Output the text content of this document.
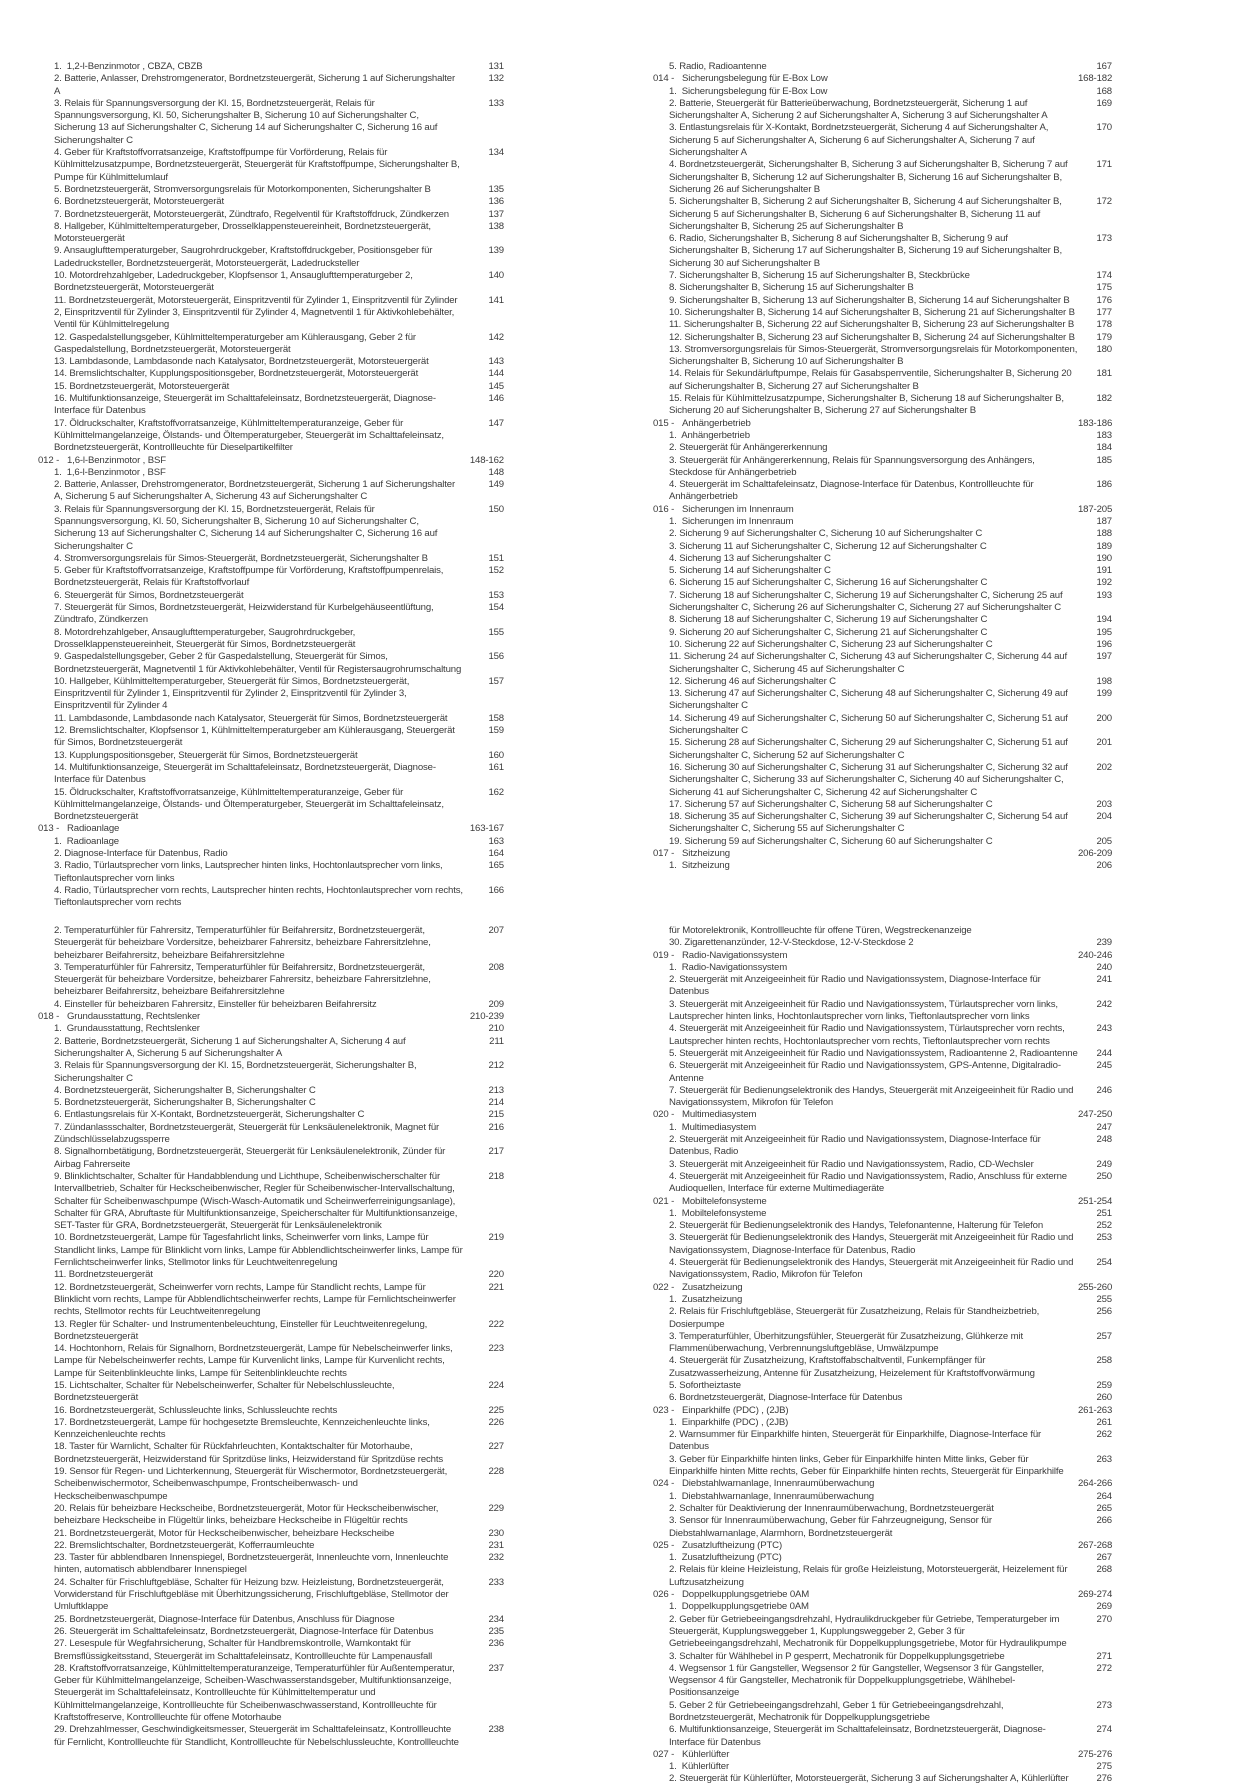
1.  1,2-l-Benzinmotor , CBZA, CBZB	131
2. Batterie, Anlasser, Drehstromgenerator, Bordnetzsteuergerät, Sicherung 1 auf Sicherungshalter A
132
3. Relais für Spannungsversorgung der Kl. 15, Bordnetzsteuergerät, Relais für Spannungsversorgung, Kl. 50, Sicherungshalter B, Sicherung 10 auf Sicherungshalter C, Sicherung 13 auf Sicherungshalter C, Sicherung 14 auf Sicherungshalter C, Sicherung 16 auf Sicherungshalter C
133
4. Geber für Kraftstoffvorratsanzeige, Kraftstoffpumpe für Vorförderung, Relais für Kühlmittelzusatzpumpe, Bordnetzsteuergerät, Steuergerät für Kraftstoffpumpe, Sicherungshalter B, Pumpe für Kühlmittelumlauf
134
5. Bordnetzsteuergerät, Stromversorgungsrelais für Motorkomponenten, Sicherungshalter B	135
6. Bordnetzsteuergerät, Motorsteuergerät	136
7. Bordnetzsteuergerät, Motorsteuergerät, Zündtrafo, Regelventil für Kraftstoffdruck, Zündkerzen	137
8. Hallgeber, Kühlmitteltemperaturgeber, Drosselklappensteuereinheit, Bordnetzsteuergerät, Motorsteuergerät
138
9. Ansauglufttemperaturgeber, Saugrohrdruckgeber, Kraftstoffdruckgeber, Positionsgeber für Ladedrucksteller, Bordnetzsteuergerät, Motorsteuergerät, Ladedrucksteller
139
10. Motordrehzahlgeber, Ladedruckgeber, Klopfsensor 1, Ansauglufttemperaturgeber 2, Bordnetzsteuergerät, Motorsteuergerät
140
11. Bordnetzsteuergerät, Motorsteuergerät, Einspritzventil für Zylinder 1, Einspritzventil für Zylinder 2, Einspritzventil für Zylinder 3, Einspritzventil für Zylinder 4, Magnetventil 1 für Aktivkohlebehälter, Ventil für Kühlmittelregelung
141
12. Gaspedalstellungsgeber, Kühlmitteltemperaturgeber am Kühlerausgang, Geber 2 für Gaspedalstellung, Bordnetzsteuergerät, Motorsteuergerät
142
13. Lambdasonde, Lambdasonde nach Katalysator, Bordnetzsteuergerät, Motorsteuergerät	143
14. Bremslichtschalter, Kupplungspositionsgeber, Bordnetzsteuergerät, Motorsteuergerät	144
15. Bordnetzsteuergerät, Motorsteuergerät	145
16. Multifunktionsanzeige, Steuergerät im Schalttafeleinsatz, Bordnetzsteuergerät, Diagnose-Interface für Datenbus
146
17. Öldruckschalter, Kraftstoffvorratsanzeige, Kühlmitteltemperaturanzeige, Geber für Kühlmittelmangelanzeige, Ölstands- und Öltemperaturgeber, Steuergerät im Schalttafeleinsatz, Bordnetzsteuergerät, Kontrollleuchte für Dieselpartikelfilter
147
012 - 1,6-l-Benzinmotor , BSF	148-162
1.  1,6-l-Benzinmotor , BSF	148
2. Batterie, Anlasser, Drehstromgenerator, Bordnetzsteuergerät, Sicherung 1 auf Sicherungshalter A, Sicherung 5 auf Sicherungshalter A, Sicherung 43 auf Sicherungshalter C
149
3. Relais für Spannungsversorgung der Kl. 15, Bordnetzsteuergerät, Relais für Spannungsversorgung, Kl. 50, Sicherungshalter B, Sicherung 10 auf Sicherungshalter C, Sicherung 13 auf Sicherungshalter C, Sicherung 14 auf Sicherungshalter C, Sicherung 16 auf Sicherungshalter C
150
4. Stromversorgungsrelais für Simos-Steuergerät, Bordnetzsteuergerät, Sicherungshalter B	151
5. Geber für Kraftstoffvorratsanzeige, Kraftstoffpumpe für Vorförderung, Kraftstoffpumpenrelais, Bordnetzsteuergerät, Relais für Kraftstoffvorlauf
152
6. Steuergerät für Simos, Bordnetzsteuergerät	153
7. Steuergerät für Simos, Bordnetzsteuergerät, Heizwiderstand für Kurbelgehäuseentlüftung, Zündtrafo, Zündkerzen
154
8. Motordrehzahlgeber, Ansauglufttemperaturgeber, Saugrohrdruckgeber, Drosselklappensteuereinheit, Steuergerät für Simos, Bordnetzsteuergerät
155
9. Gaspedalstellungsgeber, Geber 2 für Gaspedalstellung, Steuergerät für Simos, Bordnetzsteuergerät, Magnetventil 1 für Aktivkohlebehälter, Ventil für Registersaugrohrumschaltung
156
10. Hallgeber, Kühlmitteltemperaturgeber, Steuergerät für Simos, Bordnetzsteuergerät, Einspritzventil für Zylinder 1, Einspritzventil für Zylinder 2, Einspritzventil für Zylinder 3, Einspritzventil für Zylinder 4
157
11. Lambdasonde, Lambdasonde nach Katalysator, Steuergerät für Simos, Bordnetzsteuergerät	158
12. Bremslichtschalter, Klopfsensor 1, Kühlmitteltemperaturgeber am Kühlerausgang, Steuergerät für Simos, Bordnetzsteuergerät
159
13. Kupplungspositionsgeber, Steuergerät für Simos, Bordnetzsteuergerät	160
14. Multifunktionsanzeige, Steuergerät im Schalttafeleinsatz, Bordnetzsteuergerät, Diagnose-Interface für Datenbus
161
15. Öldruckschalter, Kraftstoffvorratsanzeige, Kühlmitteltemperaturanzeige, Geber für Kühlmittelmangelanzeige, Ölstands- und Öltemperaturgeber, Steuergerät im Schalttafeleinsatz, Bordnetzsteuergerät
162
013 - Radioanlage	163-167
1.  Radioanlage	163
2. Diagnose-Interface für Datenbus, Radio	164
3. Radio, Türlautsprecher vorn links, Lautsprecher hinten links, Hochtonlautsprecher vorn links, Tieftonlautsprecher vorn links
165
4. Radio, Türlautsprecher vorn rechts, Lautsprecher hinten rechts, Hochtonlautsprecher vorn rechts, Tieftonlautsprecher vorn rechts
166
5. Radio, Radioantenne	167
014 - Sicherungsbelegung für E-Box Low	168-182
1.  Sicherungsbelegung für E-Box Low	168
2. Batterie, Steuergerät für Batterieüberwachung, Bordnetzsteuergerät, Sicherung 1 auf Sicherungshalter A, Sicherung 2 auf Sicherungshalter A, Sicherung 3 auf Sicherungshalter A
169
3. Entlastungsrelais für X-Kontakt, Bordnetzsteuergerät, Sicherung 4 auf Sicherungshalter A, Sicherung 5 auf Sicherungshalter A, Sicherung 6 auf Sicherungshalter A, Sicherung 7 auf Sicherungshalter A
170
4. Bordnetzsteuergerät, Sicherungshalter B, Sicherung 3 auf Sicherungshalter B, Sicherung 7 auf Sicherungshalter B, Sicherung 12 auf Sicherungshalter B, Sicherung 16 auf Sicherungshalter B, Sicherung 26 auf Sicherungshalter B
171
5. Sicherungshalter B, Sicherung 2 auf Sicherungshalter B, Sicherung 4 auf Sicherungshalter B, Sicherung 5 auf Sicherungshalter B, Sicherung 6 auf Sicherungshalter B, Sicherung 11 auf Sicherungshalter B, Sicherung 25 auf Sicherungshalter B
172
6. Radio, Sicherungshalter B, Sicherung 8 auf Sicherungshalter B, Sicherung 9 auf Sicherungshalter B, Sicherung 17 auf Sicherungshalter B, Sicherung 19 auf Sicherungshalter B, Sicherung 30 auf Sicherungshalter B
173
7. Sicherungshalter B, Sicherung 15 auf Sicherungshalter B, Steckbrücke	174
8. Sicherungshalter B, Sicherung 15 auf Sicherungshalter B	175
9. Sicherungshalter B, Sicherung 13 auf Sicherungshalter B, Sicherung 14 auf Sicherungshalter B	176
10. Sicherungshalter B, Sicherung 14 auf Sicherungshalter B, Sicherung 21 auf Sicherungshalter B	177
11. Sicherungshalter B, Sicherung 22 auf Sicherungshalter B, Sicherung 23 auf Sicherungshalter B	178
12. Sicherungshalter B, Sicherung 23 auf Sicherungshalter B, Sicherung 24 auf Sicherungshalter B	179
13. Stromversorgungsrelais für Simos-Steuergerät, Stromversorgungsrelais für Motorkomponenten, Sicherungshalter B, Sicherung 10 auf Sicherungshalter B
180
14. Relais für Sekundärluftpumpe, Relais für Gasabsperrventile, Sicherungshalter B, Sicherung 20 auf Sicherungshalter B, Sicherung 27 auf Sicherungshalter B
181
15. Relais für Kühlmittelzusatzpumpe, Sicherungshalter B, Sicherung 18 auf Sicherungshalter B, Sicherung 20 auf Sicherungshalter B, Sicherung 27 auf Sicherungshalter B
182
015 - Anhängerbetrieb	183-186
1.  Anhängerbetrieb	183
2. Steuergerät für Anhängererkennung	184
3. Steuergerät für Anhängererkennung, Relais für Spannungsversorgung des Anhängers, Steckdose für Anhängerbetrieb
185
4. Steuergerät im Schalttafeleinsatz, Diagnose-Interface für Datenbus, Kontrollleuchte für Anhängerbetrieb
186
016 - Sicherungen im Innenraum	187-205
1.  Sicherungen im Innenraum	187
2. Sicherung 9 auf Sicherungshalter C, Sicherung 10 auf Sicherungshalter C	188
3. Sicherung 11 auf Sicherungshalter C, Sicherung 12 auf Sicherungshalter C	189
4. Sicherung 13 auf Sicherungshalter C	190
5. Sicherung 14 auf Sicherungshalter C	191
6. Sicherung 15 auf Sicherungshalter C, Sicherung 16 auf Sicherungshalter C	192
7. Sicherung 18 auf Sicherungshalter C, Sicherung 19 auf Sicherungshalter C, Sicherung 25 auf Sicherungshalter C, Sicherung 26 auf Sicherungshalter C, Sicherung 27 auf Sicherungshalter C
193
8. Sicherung 18 auf Sicherungshalter C, Sicherung 19 auf Sicherungshalter C	194
9. Sicherung 20 auf Sicherungshalter C, Sicherung 21 auf Sicherungshalter C	195
10. Sicherung 22 auf Sicherungshalter C, Sicherung 23 auf Sicherungshalter C	196
11. Sicherung 24 auf Sicherungshalter C, Sicherung 43 auf Sicherungshalter C, Sicherung 44 auf Sicherungshalter C, Sicherung 45 auf Sicherungshalter C
197
12. Sicherung 46 auf Sicherungshalter C	198
13. Sicherung 47 auf Sicherungshalter C, Sicherung 48 auf Sicherungshalter C, Sicherung 49 auf Sicherungshalter C
199
14. Sicherung 49 auf Sicherungshalter C, Sicherung 50 auf Sicherungshalter C, Sicherung 51 auf Sicherungshalter C
200
15. Sicherung 28 auf Sicherungshalter C, Sicherung 29 auf Sicherungshalter C, Sicherung 51 auf Sicherungshalter C, Sicherung 52 auf Sicherungshalter C
201
16. Sicherung 30 auf Sicherungshalter C, Sicherung 31 auf Sicherungshalter C, Sicherung 32 auf Sicherungshalter C, Sicherung 33 auf Sicherungshalter C, Sicherung 40 auf Sicherungshalter C, Sicherung 41 auf Sicherungshalter C, Sicherung 42 auf Sicherungshalter C
202
17. Sicherung 57 auf Sicherungshalter C, Sicherung 58 auf Sicherungshalter C	203
18. Sicherung 35 auf Sicherungshalter C, Sicherung 39 auf Sicherungshalter C, Sicherung 54 auf Sicherungshalter C, Sicherung 55 auf Sicherungshalter C
204
19. Sicherung 59 auf Sicherungshalter C, Sicherung 60 auf Sicherungshalter C	205
017 - Sitzheizung	206-209
1.  Sitzheizung	206
2. Temperaturfühler für Fahrersitz, Temperaturfühler für Beifahrersitz, Bordnetzsteuergerät, Steuergerät für beheizbare Vordersitze, beheizbarer Fahrersitz, beheizbare Fahrersitzlehne, beheizbarer Beifahrersitz, beheizbare Beifahrersitzlehne
207
3. Temperaturfühler für Fahrersitz, Temperaturfühler für Beifahrersitz, Bordnetzsteuergerät, Steuergerät für beheizbare Vordersitze, beheizbarer Fahrersitz, beheizbare Fahrersitzlehne, beheizbarer Beifahrersitz, beheizbare Beifahrersitzlehne
208
4. Einsteller für beheizbaren Fahrersitz, Einsteller für beheizbaren Beifahrersitz	209
018 - Grundausstattung, Rechtslenker	210-239
1.  Grundausstattung, Rechtslenker	210
2. Batterie, Bordnetzsteuergerät, Sicherung 1 auf Sicherungshalter A, Sicherung 4 auf Sicherungshalter A, Sicherung 5 auf Sicherungshalter A
211
3. Relais für Spannungsversorgung der Kl. 15, Bordnetzsteuergerät, Sicherungshalter B, Sicherungshalter C
212
4. Bordnetzsteuergerät, Sicherungshalter B, Sicherungshalter C	213
5. Bordnetzsteuergerät, Sicherungshalter B, Sicherungshalter C	214
6. Entlastungsrelais für X-Kontakt, Bordnetzsteuergerät, Sicherungshalter C	215
7. Zündanlassschalter, Bordnetzsteuergerät, Steuergerät für Lenksäulenelektronik, Magnet für Zündschlüsselabzugssperre
216
8. Signalhornbetätigung, Bordnetzsteuergerät, Steuergerät für Lenksäulenelektronik, Zünder für Airbag Fahrerseite
217
9. Blinklichtschalter, Schalter für Handabblendung und Lichthupe, Scheibenwischerschalter für Intervallbetrieb, Schalter für Heckscheibenwischer, Regler für Scheibenwischer-Intervallschaltung, Schalter für Scheibenwaschpumpe (Wisch-Wasch-Automatik und Scheinwerferreinigungsanlage), Schalter für GRA, Abruftaste für Multifunktionsanzeige, Speicherschalter für Multifunktionsanzeige, SET-Taster für GRA, Bordnetzsteuergerät, Steuergerät für Lenksäulenelektronik
218
10. Bordnetzsteuergerät, Lampe für Tagesfahrlicht links, Scheinwerfer vorn links, Lampe für Standlicht links, Lampe für Blinklicht vorn links, Lampe für Abblendlichtscheinwerfer links, Lampe für Fernlichtscheinwerfer links, Stellmotor links für Leuchtweitenregelung
219
11. Bordnetzsteuergerät	220
12. Bordnetzsteuergerät, Scheinwerfer vorn rechts, Lampe für Standlicht rechts, Lampe für Blinklicht vorn rechts, Lampe für Abblendlichtscheinwerfer rechts, Lampe für Fernlichtscheinwerfer rechts, Stellmotor rechts für Leuchtweitenregelung
221
13. Regler für Schalter- und Instrumentenbeleuchtung, Einsteller für Leuchtweitenregelung, Bordnetzsteuergerät
222
14. Hochtonhorn, Relais für Signalhorn, Bordnetzsteuergerät, Lampe für Nebelscheinwerfer links, Lampe für Nebelscheinwerfer rechts, Lampe für Kurvenlicht links, Lampe für Kurvenlicht rechts, Lampe für Seitenblinkleuchte links, Lampe für Seitenblinkleuchte rechts
223
15. Lichtschalter, Schalter für Nebelscheinwerfer, Schalter für Nebelschlussleuchte, Bordnetzsteuergerät
224
16. Bordnetzsteuergerät, Schlussleuchte links, Schlussleuchte rechts	225
17. Bordnetzsteuergerät, Lampe für hochgesetzte Bremsleuchte, Kennzeichenleuchte links, Kennzeichenleuchte rechts
226
18. Taster für Warnlicht, Schalter für Rückfahrleuchten, Kontaktschalter für Motorhaube, Bordnetzsteuergerät, Heizwiderstand für Spritzdüse links, Heizwiderstand für Spritzdüse rechts
227
19. Sensor für Regen- und Lichterkennung, Steuergerät für Wischermotor, Bordnetzsteuergerät, Scheibenwischermotor, Scheibenwaschpumpe, Frontscheibenwasch- und Heckscheibenwaschpumpe
228
20. Relais für beheizbare Heckscheibe, Bordnetzsteuergerät, Motor für Heckscheibenwischer, beheizbare Heckscheibe in Flügeltür links, beheizbare Heckscheibe in Flügeltür rechts
229
21. Bordnetzsteuergerät, Motor für Heckscheibenwischer, beheizbare Heckscheibe	230
22. Bremslichtschalter, Bordnetzsteuergerät, Kofferraumleuchte	231
23. Taster für abblendbaren Innenspiegel, Bordnetzsteuergerät, Innenleuchte vorn, Innenleuchte hinten, automatisch abblendbarer Innenspiegel
232
24. Schalter für Frischluftgebläse, Schalter für Heizung bzw. Heizleistung, Bordnetzsteuergerät, Vorwiderstand für Frischluftgebläse mit Überhitzungssicherung, Frischluftgebläse, Stellmotor der Umluftklappe
233
25. Bordnetzsteuergerät, Diagnose-Interface für Datenbus, Anschluss für Diagnose	234
26. Steuergerät im Schalttafeleinsatz, Bordnetzsteuergerät, Diagnose-Interface für Datenbus	235
27. Lesespule für Wegfahrsicherung, Schalter für Handbremskontrolle, Warnkontakt für Bremsflüssigkeitsstand, Steuergerät im Schalttafeleinsatz, Kontrollleuchte für Lampenausfall
236
28. Kraftstoffvorratsanzeige, Kühlmitteltemperaturanzeige, Temperaturfühler für Außentemperatur, Geber für Kühlmittelmangelanzeige, Scheiben-Waschwasserstandsgeber, Multifunktionsanzeige, Steuergerät im Schalttafeleinsatz, Kontrollleuchte für Kühlmitteltemperatur und Kühlmittelmangelanzeige, Kontrollleuchte für Scheibenwaschwasserstand, Kontrollleuchte für Kraftstoffreserve, Kontrollleuchte für offene Motorhaube
237
29. Drehzahlmesser, Geschwindigkeitsmesser, Steuergerät im Schalttafeleinsatz, Kontrollleuchte für Fernlicht, Kontrollleuchte für Standlicht, Kontrollleuchte für Nebelschlussleuchte, Kontrollleuchte
238
für Motorelektronik, Kontrollleuchte für offene Türen, Wegstreckenanzeige
30. Zigarettenanzünder, 12-V-Steckdose, 12-V-Steckdose 2	239
019 - Radio-Navigationssystem	240-246
1.  Radio-Navigationssystem	240
2. Steuergerät mit Anzeigeeinheit für Radio und Navigationssystem, Diagnose-Interface für Datenbus
241
3. Steuergerät mit Anzeigeeinheit für Radio und Navigationssystem, Türlautsprecher vorn links, Lautsprecher hinten links, Hochtonlautsprecher vorn links, Tieftonlautsprecher vorn links
242
4. Steuergerät mit Anzeigeeinheit für Radio und Navigationssystem, Türlautsprecher vorn rechts, Lautsprecher hinten rechts, Hochtonlautsprecher vorn rechts, Tieftonlautsprecher vorn rechts
243
5. Steuergerät mit Anzeigeeinheit für Radio und Navigationssystem, Radioantenne 2, Radioantenne	244
6. Steuergerät mit Anzeigeeinheit für Radio und Navigationssystem, GPS-Antenne, Digitalradio-Antenne
245
7. Steuergerät für Bedienungselektronik des Handys, Steuergerät mit Anzeigeeinheit für Radio und Navigationssystem, Mikrofon für Telefon
246
020 - Multimediasystem	247-250
1.  Multimediasystem	247
2. Steuergerät mit Anzeigeeinheit für Radio und Navigationssystem, Diagnose-Interface für Datenbus, Radio
248
3. Steuergerät mit Anzeigeeinheit für Radio und Navigationssystem, Radio, CD-Wechsler	249
4. Steuergerät mit Anzeigeeinheit für Radio und Navigationssystem, Radio, Anschluss für externe Audioquellen, Interface für externe Multimediageräte
250
021 - Mobiltelefonsysteme	251-254
1.  Mobiltelefonsysteme	251
2. Steuergerät für Bedienungselektronik des Handys, Telefonantenne, Halterung für Telefon	252
3. Steuergerät für Bedienungselektronik des Handys, Steuergerät mit Anzeigeeinheit für Radio und Navigationssystem, Diagnose-Interface für Datenbus, Radio
253
4. Steuergerät für Bedienungselektronik des Handys, Steuergerät mit Anzeigeeinheit für Radio und Navigationssystem, Radio, Mikrofon für Telefon
254
022 - Zusatzheizung	255-260
1.  Zusatzheizung	255
2. Relais für Frischluftgebläse, Steuergerät für Zusatzheizung, Relais für Standheizbetrieb, Dosierpumpe
256
3. Temperaturfühler, Überhitzungsfühler, Steuergerät für Zusatzheizung, Glühkerze mit Flammenüberwachung, Verbrennungsluftgebläse, Umwälzpumpe
257
4. Steuergerät für Zusatzheizung, Kraftstoffabschaltventil, Funkempfänger für Zusatzwasserheizung, Antenne für Zusatzheizung, Heizelement für Kraftstoffvorwärmung
258
5. Sofortheiztaste	259
6. Bordnetzsteuergerät, Diagnose-Interface für Datenbus	260
023 - Einparkhilfe (PDC) , (2JB)	261-263
1.  Einparkhilfe (PDC) , (2JB)	261
2. Warnsummer für Einparkhilfe hinten, Steuergerät für Einparkhilfe, Diagnose-Interface für Datenbus
262
3. Geber für Einparkhilfe hinten links, Geber für Einparkhilfe hinten Mitte links, Geber für Einparkhilfe hinten Mitte rechts, Geber für Einparkhilfe hinten rechts, Steuergerät für Einparkhilfe
263
024 - Diebstahlwarnanlage, Innenraumüberwachung	264-266
1.  Diebstahlwarnanlage, Innenraumüberwachung	264
2. Schalter für Deaktivierung der Innenraumüberwachung, Bordnetzsteuergerät	265
3. Sensor für Innenraumüberwachung, Geber für Fahrzeugneigung, Sensor für Diebstahlwarnanlage, Alarmhorn, Bordnetzsteuergerät
266
025 - Zusatzluftheizung (PTC)	267-268
1.  Zusatzluftheizung (PTC)	267
2. Relais für kleine Heizleistung, Relais für große Heizleistung, Motorsteuergerät, Heizelement für Luftzusatzheizung
268
026 - Doppelkupplungsgetriebe 0AM	269-274
1.  Doppelkupplungsgetriebe 0AM	269
2. Geber für Getriebeeingangsdrehzahl, Hydraulikdruckgeber für Getriebe, Temperaturgeber im Steuergerät, Kupplungsweggeber 1, Kupplungsweggeber 2, Geber 3 für Getriebeeingangsdrehzahl, Mechatronik für Doppelkupplungsgetriebe, Motor für Hydraulikpumpe
270
3. Schalter für Wählhebel in P gesperrt, Mechatronik für Doppelkupplungsgetriebe	271
4. Wegsensor 1 für Gangsteller, Wegsensor 2 für Gangsteller, Wegsensor 3 für Gangsteller, Wegsensor 4 für Gangsteller, Mechatronik für Doppelkupplungsgetriebe, Wählhebel-Positionsanzeige
272
5. Geber 2 für Getriebeeingangsdrehzahl, Geber 1 für Getriebeeingangsdrehzahl, Bordnetzsteuergerät, Mechatronik für Doppelkupplungsgetriebe
273
6. Multifunktionsanzeige, Steuergerät im Schalttafeleinsatz, Bordnetzsteuergerät, Diagnose-Interface für Datenbus
274
027 - Kühlerlüfter	275-276
1.  Kühlerlüfter	275
2. Steuergerät für Kühlerlüfter, Motorsteuergerät, Sicherung 3 auf Sicherungshalter A, Kühlerlüfter	276
